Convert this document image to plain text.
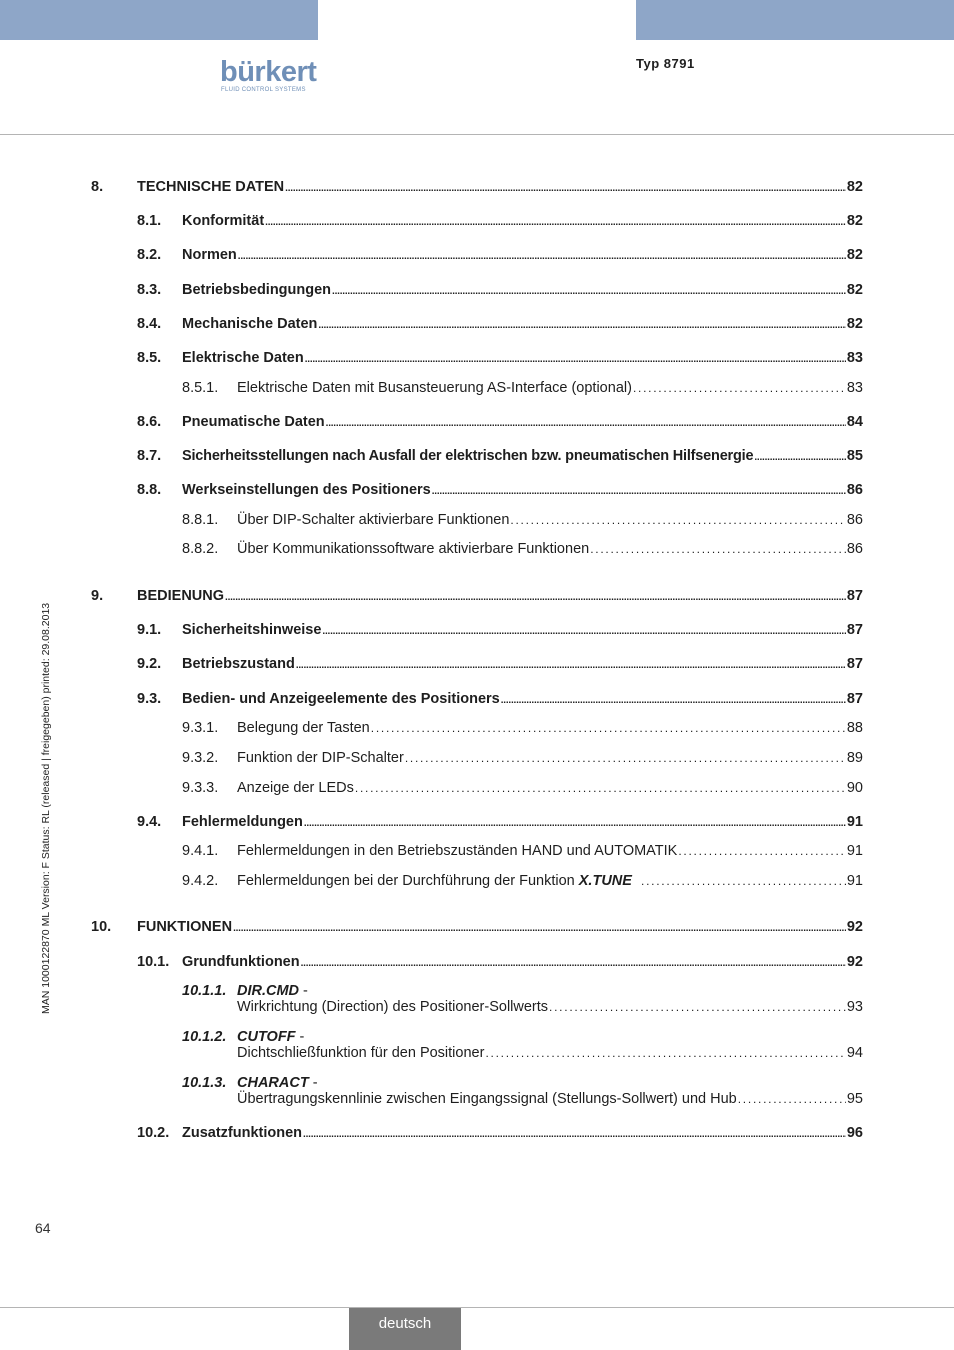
bürkert
FLUID CONTROL SYSTEMS
Typ 8791
MAN 1000122870 ML Version: F Status: RL (released | freigegeben) printed: 29.08.2013
8. TECHNISCHE DATEN . . .	82
8.1. Konformität . . .	82
8.2. Normen . . .	82
8.3. Betriebsbedingungen . . .	82
8.4. Mechanische Daten . . .	82
8.5. Elektrische Daten . . .	83
8.5.1. Elektrische Daten mit Busansteuerung AS-Interface (optional) . . .	83
8.6. Pneumatische Daten . . .	84
8.7. Sicherheitsstellungen nach Ausfall der elektrischen bzw. pneumatischen Hilfsenergie . . .	85
8.8. Werkseinstellungen des Positioners . . .	86
8.8.1. Über DIP-Schalter aktivierbare Funktionen . . .	86
8.8.2. Über Kommunikationssoftware aktivierbare Funktionen . . .	86
9. BEDIENUNG . . .	87
9.1. Sicherheitshinweise . . .	87
9.2. Betriebszustand . . .	87
9.3. Bedien- und Anzeigeelemente des Positioners . . .	87
9.3.1. Belegung der Tasten . . .	88
9.3.2. Funktion der DIP-Schalter . . .	89
9.3.3. Anzeige der LEDs . . .	90
9.4. Fehlermeldungen . . .	91
9.4.1. Fehlermeldungen in den Betriebszuständen HAND und AUTOMATIK . . .	91
9.4.2. Fehlermeldungen bei der Durchführung der Funktion X.TUNE . . .	91
10. FUNKTIONEN . . .	92
10.1. Grundfunktionen . . .	92
10.1.1. DIR.CMD -
Wirkrichtung (Direction) des Positioner-Sollwerts . . .	93
10.1.2. CUTOFF -
Dichtschließfunktion für den Positioner . . .	94
10.1.3. CHARACT -
Übertragungskennlinie zwischen Eingangssignal (Stellungs-Sollwert) und Hub . . .	95
10.2. Zusatzfunktionen . . .	96
64
deutsch
